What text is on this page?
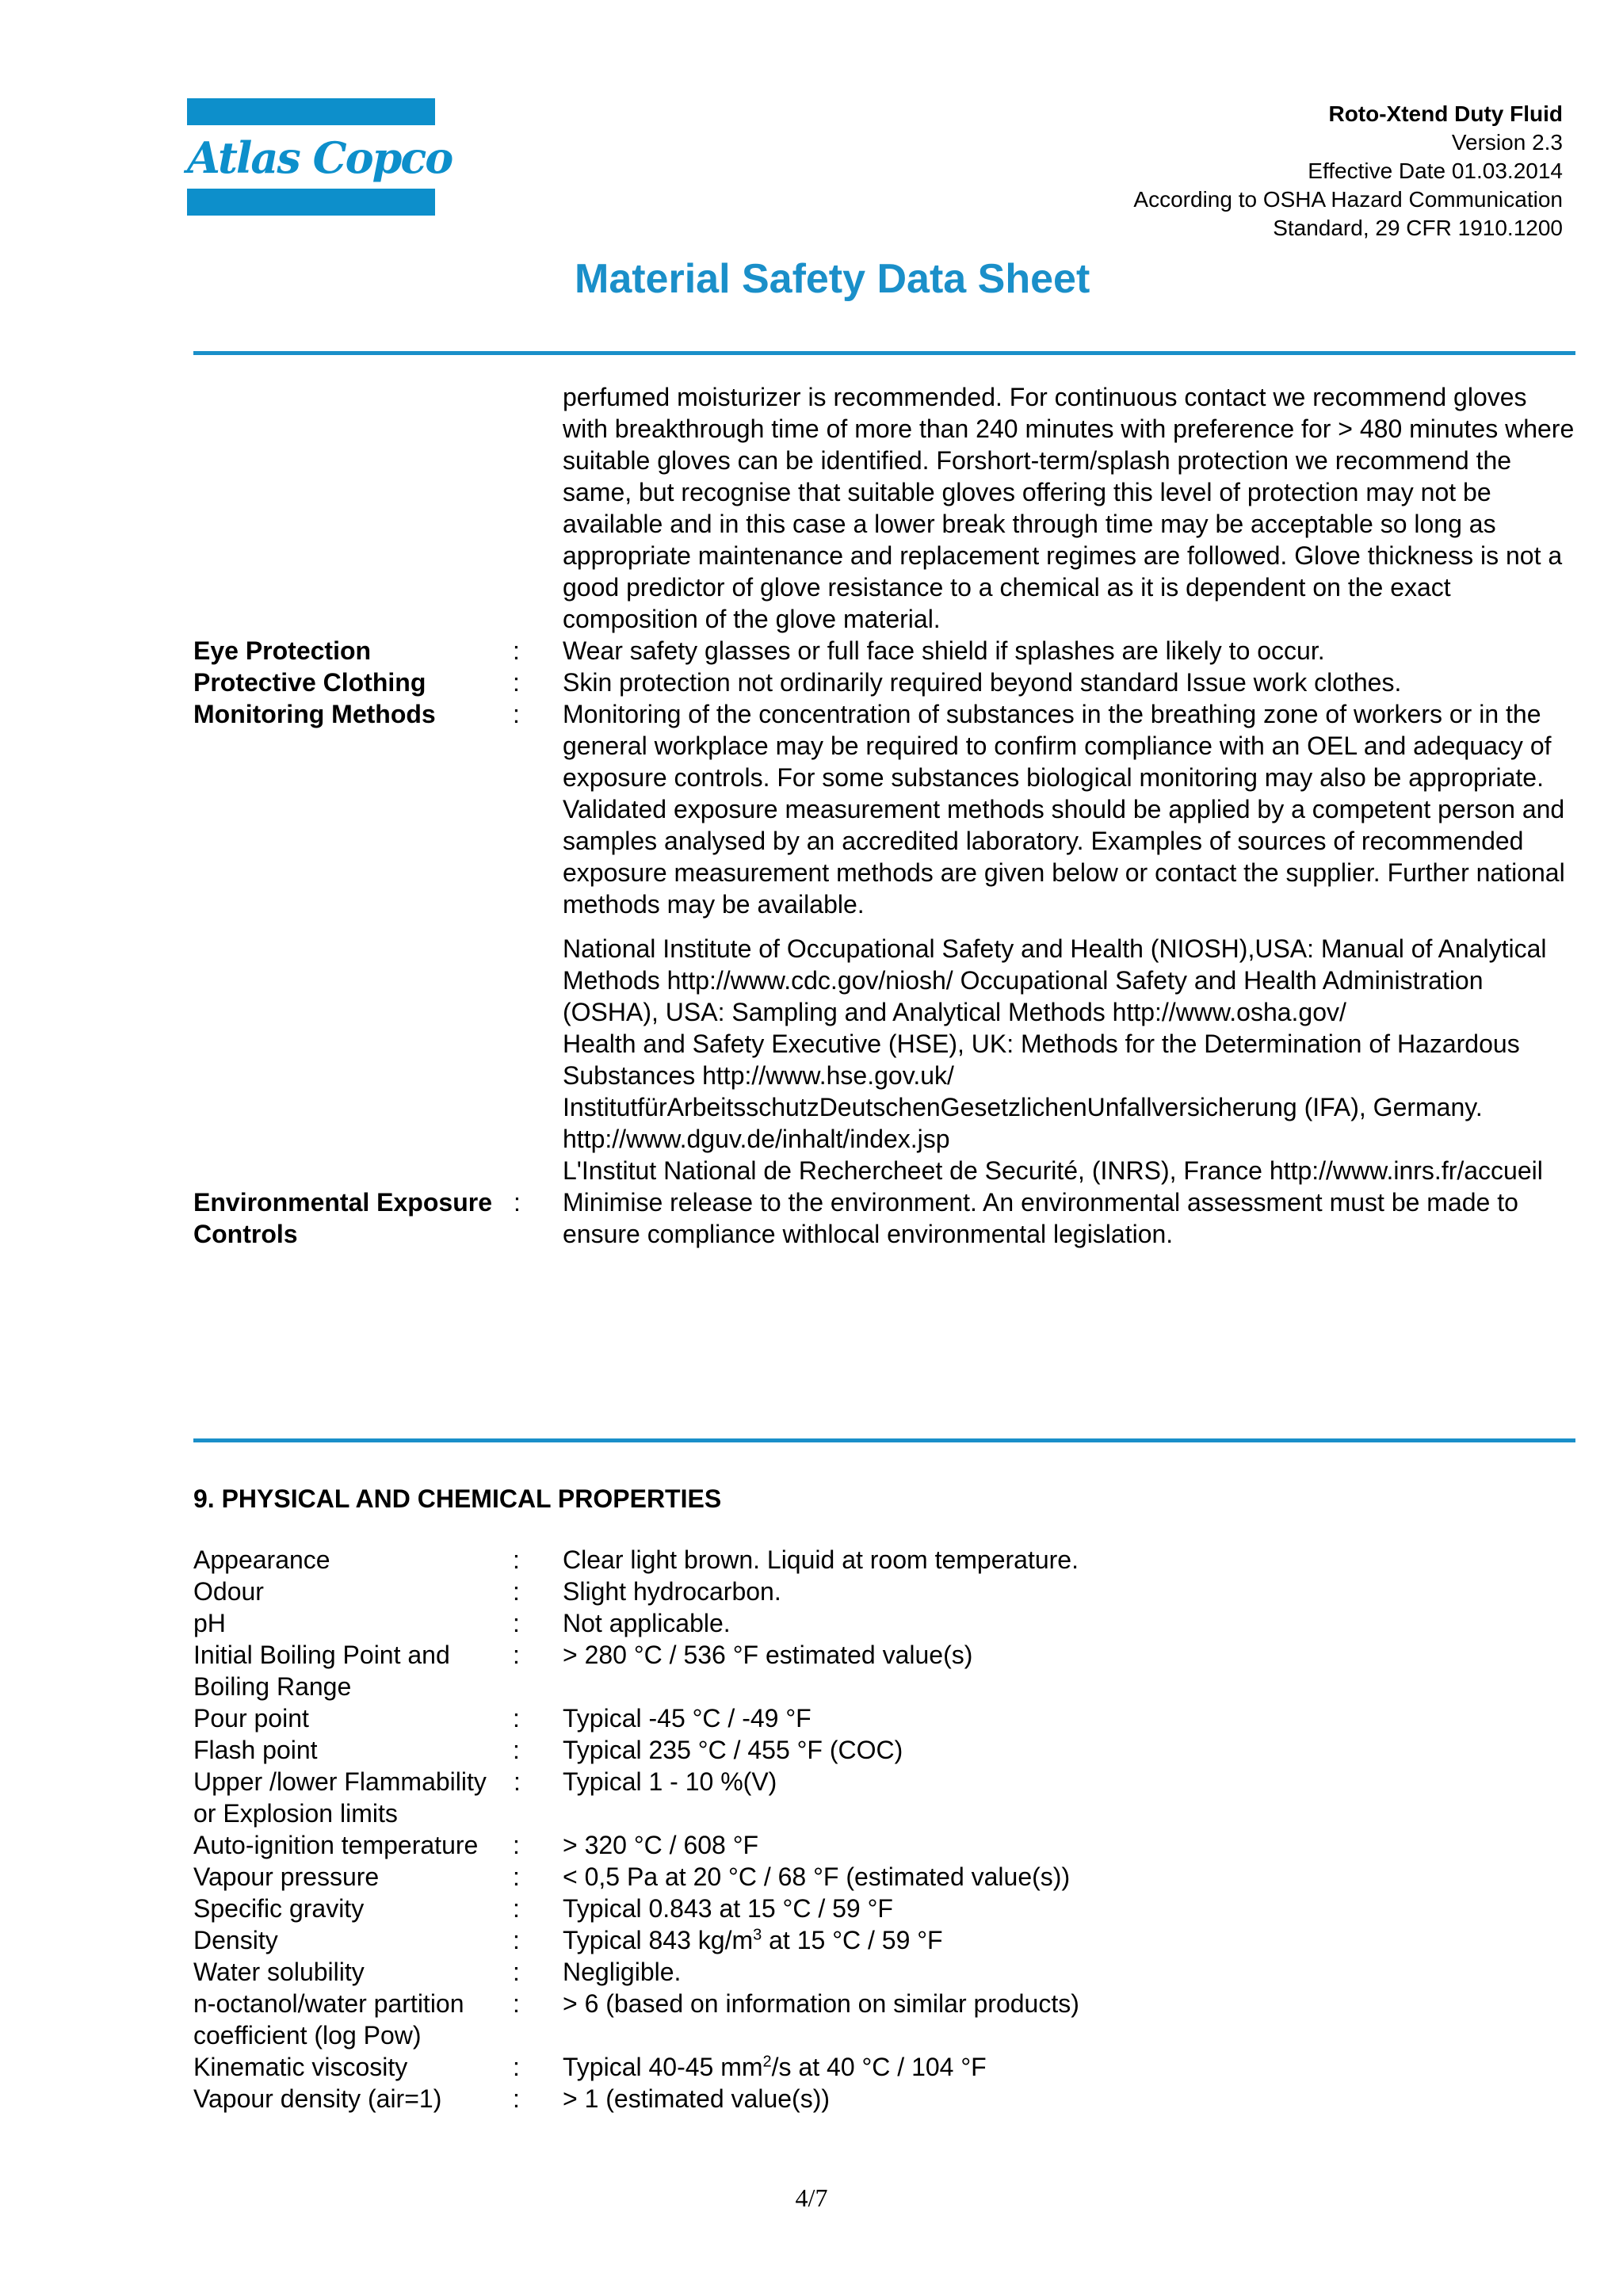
Atlas Copco
Roto-Xtend Duty Fluid
Version 2.3
Effective Date 01.03.2014
According to OSHA Hazard Communication
Standard, 29 CFR 1910.1200
Material Safety Data Sheet
perfumed moisturizer is recommended. For continuous contact we recommend gloves with breakthrough time of more than 240 minutes with preference for > 480 minutes where suitable gloves can be identified. Forshort-term/splash protection we recommend the same, but recognise that suitable gloves offering this level of protection may not be available and in this case a lower break through time may be acceptable so long as appropriate maintenance and replacement regimes are followed. Glove thickness is not a good predictor of glove resistance to a chemical as it is dependent on the exact composition of the glove material.
Eye Protection	:	Wear safety glasses or full face shield if splashes are likely to occur.
Protective Clothing	:	Skin protection not ordinarily required beyond standard Issue work clothes.
Monitoring Methods	:	Monitoring of the concentration of substances in the breathing zone of workers or in the general workplace may be required to confirm compliance with an OEL and adequacy of exposure controls. For some substances biological monitoring may also be appropriate. Validated exposure measurement methods should be applied by a competent person and samples analysed by an accredited laboratory. Examples of sources of recommended exposure measurement methods are given below or contact the supplier. Further national methods may be available.
National Institute of Occupational Safety and Health (NIOSH),USA: Manual of Analytical Methods http://www.cdc.gov/niosh/ Occupational Safety and Health Administration (OSHA), USA: Sampling and Analytical Methods http://www.osha.gov/
Health and Safety Executive (HSE), UK: Methods for the Determination of Hazardous Substances http://www.hse.gov.uk/
InstitutfürArbeitsschutzDeutschenGesetzlichenUnfallversicherung (IFA), Germany. http://www.dguv.de/inhalt/index.jsp
L'Institut National de Rechercheet de Securité, (INRS), France http://www.inrs.fr/accueil
Environmental Exposure
Controls
:	Minimise release to the environment. An environmental assessment must be made to ensure compliance withlocal environmental legislation.
9. PHYSICAL AND CHEMICAL PROPERTIES
Appearance	:	Clear light brown. Liquid at room temperature.
Odour	:	Slight hydrocarbon.
pH	:	Not applicable.
Initial Boiling Point and Boiling Range
:	> 280 °C / 536 °F estimated value(s)
Pour point	:	Typical -45 °C / -49 °F
Flash point	:	Typical 235 °C / 455 °F (COC)
Upper /lower Flammability or Explosion limits
:	Typical 1 - 10 %(V)
Auto-ignition temperature	:	> 320 °C / 608 °F
Vapour pressure	:	< 0,5 Pa at 20 °C / 68 °F (estimated value(s))
Specific gravity	:	Typical 0.843 at 15 °C / 59 °F
Density	:	Typical 843 $kg/m^3$ at 15 °C / 59 °F
Water solubility	:	Negligible.
n-octanol/water partition coefficient (log Pow)
:	> 6 (based on information on similar products)
Kinematic viscosity	:	Typical 40-45 $mm^2/s$ at 40 °C / 104 °F
Vapour density (air=1)	:	> 1 (estimated value(s))
4/7
